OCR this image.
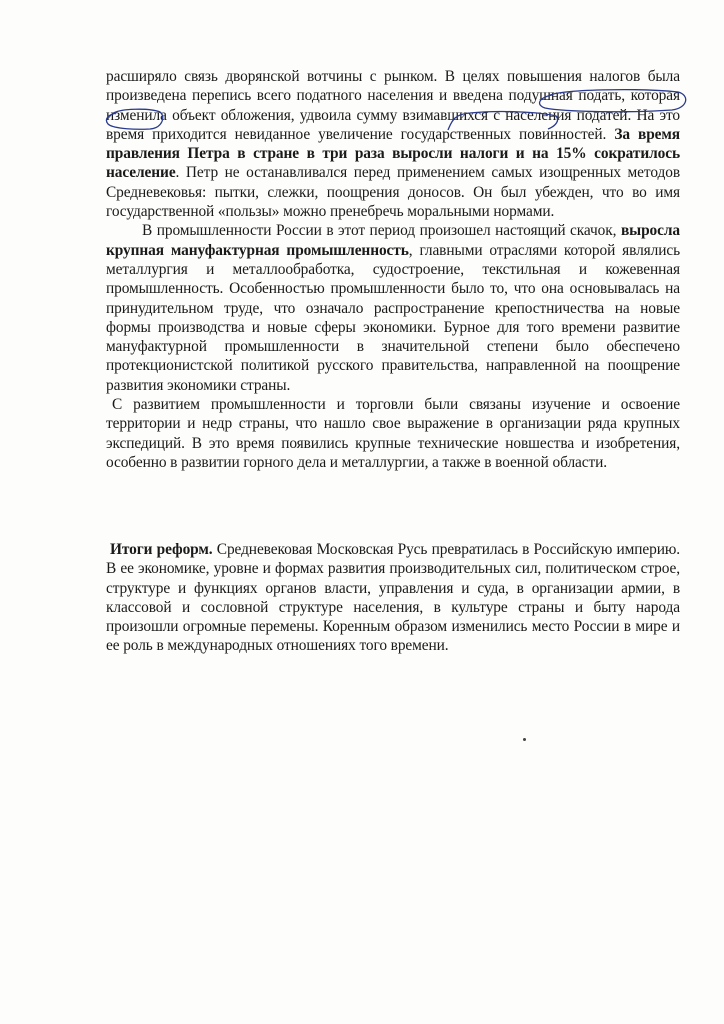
расширяло связь дворянской вотчины с рынком. В целях повышения налогов была произведена перепись всего податного населения и введена подушная подать, которая изменила объект обложения, удвоила сумму взимавшихся с населения податей. На это время приходится невиданное увеличение государственных повинностей. За время правления Петра в стране в три раза выросли налоги и на 15% сократилось население. Петр не останавливался перед применением самых изощренных методов Средневековья: пытки, слежки, поощрения доносов. Он был убежден, что во имя государственной «пользы» можно пренебречь моральными нормами.

В промышленности России в этот период произошел настоящий скачок, выросла крупная мануфактурная промышленность, главными отраслями которой являлись металлургия и металлообработка, судостроение, текстильная и кожевенная промышленность. Особенностью промышленности было то, что она основывалась на принудительном труде, что означало распространение крепостничества на новые формы производства и новые сферы экономики. Бурное для того времени развитие мануфактурной промышленности в значительной степени было обеспечено протекционистской политикой русского правительства, направленной на поощрение развития экономики страны.

С развитием промышленности и торговли были связаны изучение и освоение территории и недр страны, что нашло свое выражение в организации ряда крупных экспедиций. В это время появились крупные технические новшества и изобретения, особенно в развитии горного дела и металлургии, а также в военной области.

Итоги реформ. Средневековая Московская Русь превратилась в Российскую империю. В ее экономике, уровне и формах развития производительных сил, политическом строе, структуре и функциях органов власти, управления и суда, в организации армии, в классовой и сословной структуре населения, в культуре страны и быту народа произошли огромные перемены. Коренным образом изменились место России в мире и ее роль в международных отношениях того времени.
